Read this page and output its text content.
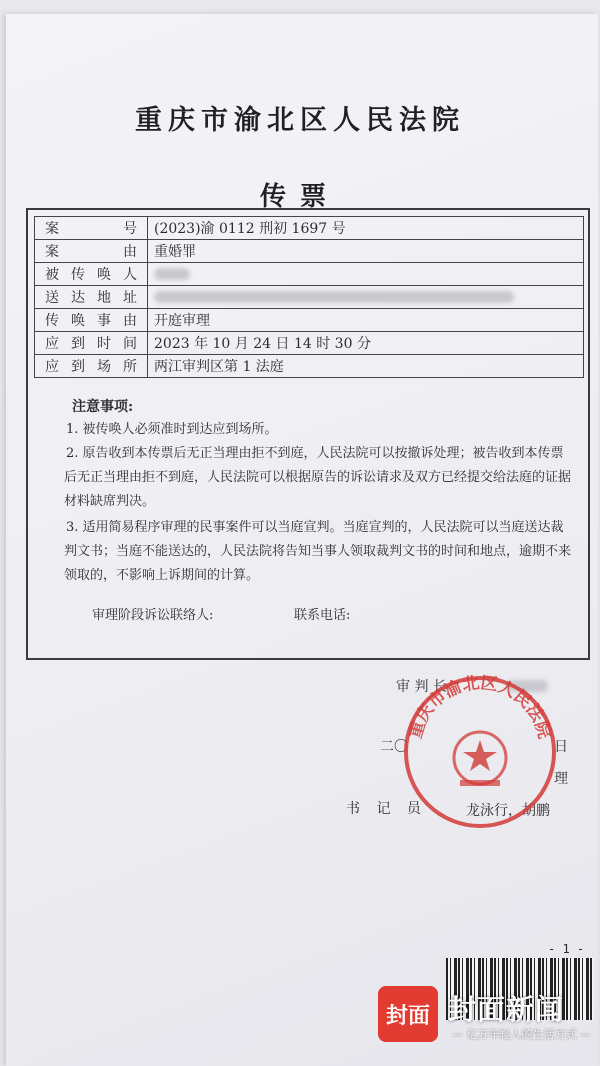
重庆市渝北区人民法院
传票
案号	(2023)渝 0112 刑初 1697 号
案由	重婚罪
被传唤人	
送达地址	
传唤事由	开庭审理
应到时间	2023 年 10 月 24 日 14 时 30 分
应到场所	两江审判区第 1 法庭
注意事项:
1. 被传唤人必须准时到达应到场所。
2. 原告收到本传票后无正当理由拒不到庭，人民法院可以按撤诉处理；被告收到本传票后无正当理由拒不到庭，人民法院可以根据原告的诉讼请求及双方已经提交给法庭的证据材料缺席判决。
3. 适用简易程序审理的民事案件可以当庭宣判。当庭宣判的，人民法院可以当庭送达裁判文书；当庭不能送达的，人民法院将告知当事人领取裁判文书的时间和地点，逾期不来领取的，不影响上诉期间的计算。
审理阶段诉讼联络人:	联系电话:
审 判 长
二〇	日
理
书 记 员	龙泳行，胡鹏
重庆市渝北区人民法院
- 1 -
封面 封面新闻
— 亿万年轻人的生活方式 —
